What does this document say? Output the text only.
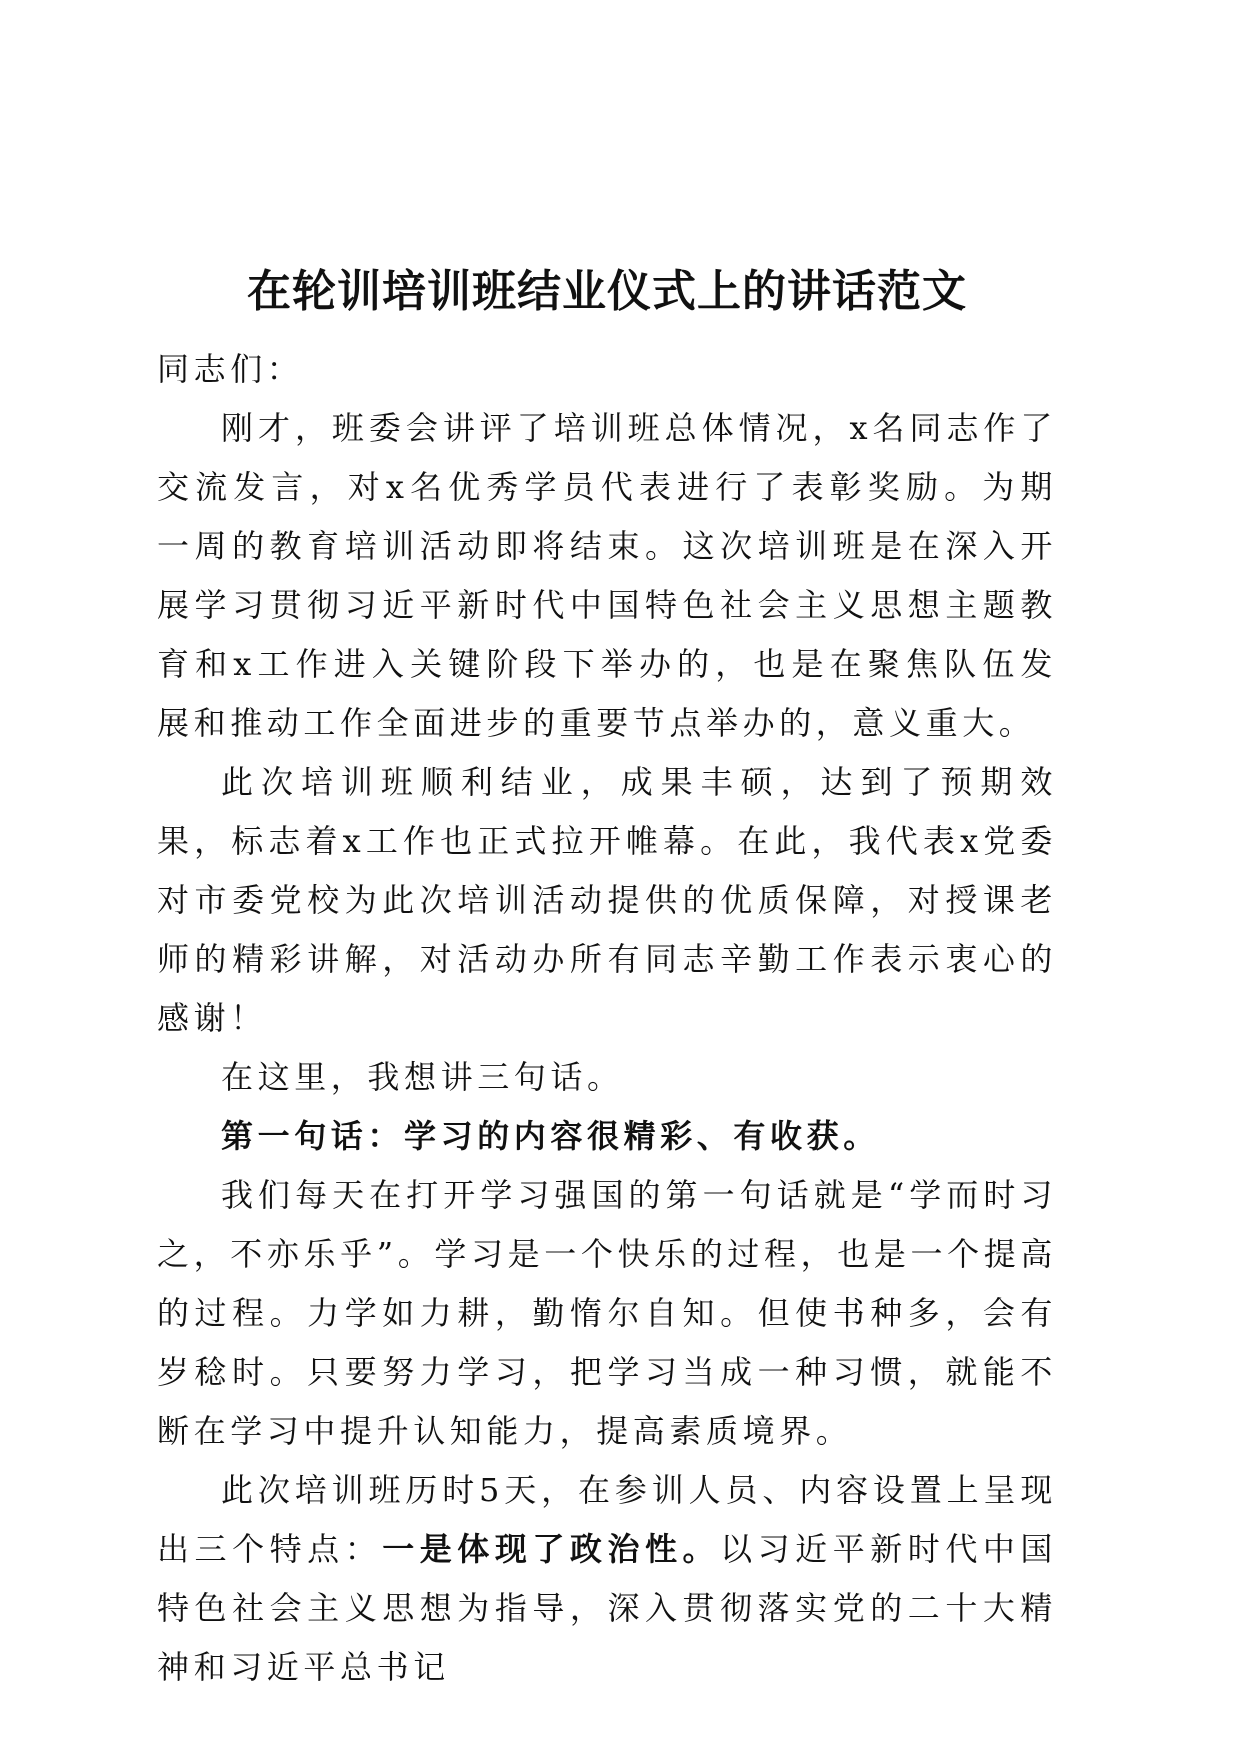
在轮训培训班结业仪式上的讲话范文

同志们：

刚才，班委会讲评了培训班总体情况，x名同志作了交流发言，对x名优秀学员代表进行了表彰奖励。为期一周的教育培训活动即将结束。这次培训班是在深入开展学习贯彻习近平新时代中国特色社会主义思想主题教育和x工作进入关键阶段下举办的，也是在聚焦队伍发展和推动工作全面进步的重要节点举办的，意义重大。

此次培训班顺利结业，成果丰硕，达到了预期效果，标志着x工作也正式拉开帷幕。在此，我代表x党委对市委党校为此次培训活动提供的优质保障，对授课老师的精彩讲解，对活动办所有同志辛勤工作表示衷心的感谢！

在这里，我想讲三句话。

第一句话：学习的内容很精彩、有收获。

我们每天在打开学习强国的第一句话就是“学而时习之，不亦乐乎”。学习是一个快乐的过程，也是一个提高的过程。力学如力耕，勤惰尔自知。但使书种多，会有岁稔时。只要努力学习，把学习当成一种习惯，就能不断在学习中提升认知能力，提高素质境界。

此次培训班历时5天，在参训人员、内容设置上呈现出三个特点：一是体现了政治性。以习近平新时代中国特色社会主义思想为指导，深入贯彻落实党的二十大精神和习近平总书记
